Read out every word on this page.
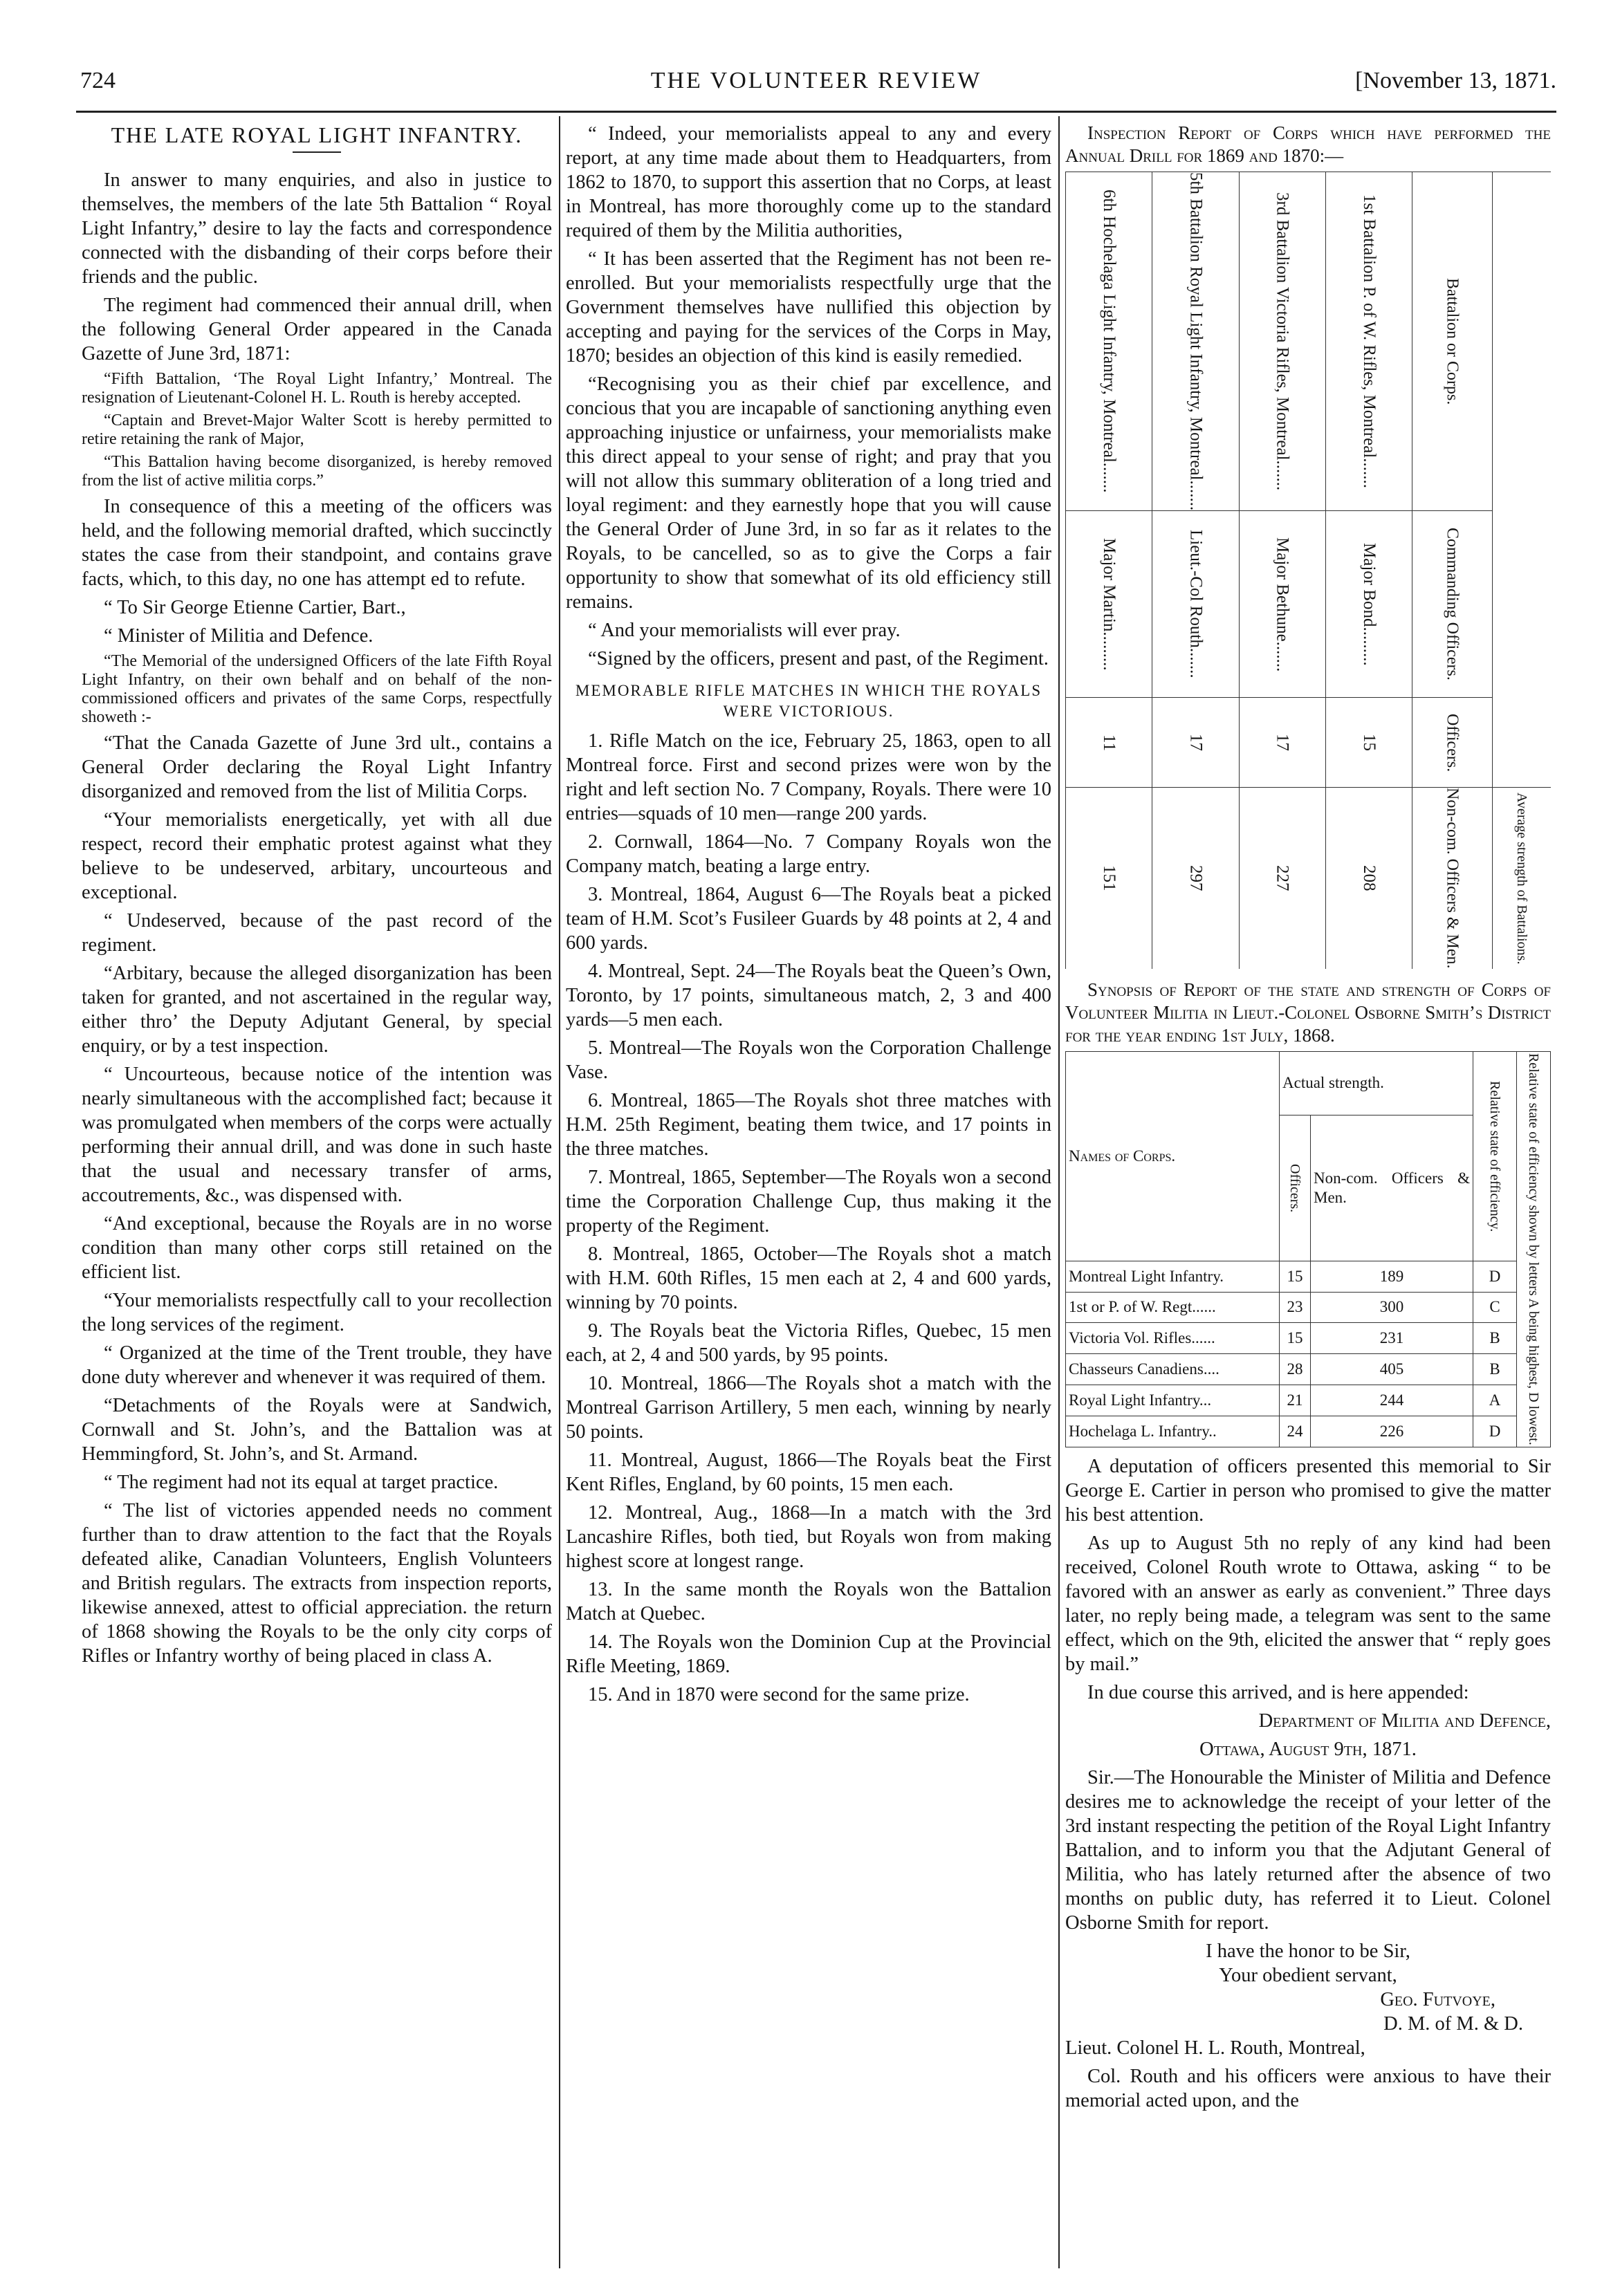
724	THE VOLUNTEER REVIEW	[November 13, 1871.
THE LATE ROYAL LIGHT INFANTRY.

In answer to many enquiries, and also in justice to themselves, the members of the late 5th Battalion “ Royal Light Infantry,” desire to lay the facts and correspondence connected with the disbanding of their corps before their friends and the public.

The regiment had commenced their annual drill, when the following General Order appeared in the Canada Gazette of June 3rd, 1871:

“Fifth Battalion, ‘The Royal Light Infantry,’ Montreal. The resignation of Lieutenant-Colonel H. L. Routh is hereby accepted.

“Captain and Brevet-Major Walter Scott is hereby permitted to retire retaining the rank of Major,

“This Battalion having become disorganized, is hereby removed from the list of active militia corps.”

In consequence of this a meeting of the officers was held, and the following memorial drafted, which succinctly states the case from their standpoint, and contains grave facts, which, to this day, no one has attempt ed to refute.

“ To Sir George Etienne Cartier, Bart.,

“ Minister of Militia and Defence.

“The Memorial of the undersigned Officers of the late Fifth Royal Light Infantry, on their own behalf and on behalf of the non-commissioned officers and privates of the same Corps, respectfully showeth :-

“That the Canada Gazette of June 3rd ult., contains a General Order declaring the Royal Light Infantry disorganized and removed from the list of Militia Corps.

“Your memorialists energetically, yet with all due respect, record their emphatic protest against what they believe to be undeserved, arbitary, uncourteous and exceptional.

“ Undeserved, because of the past record of the regiment.

“Arbitary, because the alleged disorganization has been taken for granted, and not ascertained in the regular way, either thro’ the Deputy Adjutant General, by special enquiry, or by a test inspection.

“ Uncourteous, because notice of the intention was nearly simultaneous with the accomplished fact; because it was promulgated when members of the corps were actually performing their annual drill, and was done in such haste that the usual and necessary transfer of arms, accoutrements, &c., was dispensed with.

“And exceptional, because the Royals are in no worse condition than many other corps still retained on the efficient list.

“Your memorialists respectfully call to your recollection the long services of the regiment.

“ Organized at the time of the Trent trouble, they have done duty wherever and whenever it was required of them.

“Detachments of the Royals were at Sandwich, Cornwall and St. John’s, and the Battalion was at Hemmingford, St. John’s, and St. Armand.

“ The regiment had not its equal at target practice.

“ The list of victories appended needs no comment further than to draw attention to the fact that the Royals defeated alike, Canadian Volunteers, English Volunteers and British regulars. The extracts from inspection reports, likewise annexed, attest to official appreciation. the return of 1868 showing the Royals to be the only city corps of Rifles or Infantry worthy of being placed in class A.

“ Indeed, your memorialists appeal to any and every report, at any time made about them to Headquarters, from 1862 to 1870, to support this assertion that no Corps, at least in Montreal, has more thoroughly come up to the standard required of them by the Militia authorities,

“ It has been asserted that the Regiment has not been re-enrolled. But your memorialists respectfully urge that the Government themselves have nullified this objection by accepting and paying for the services of the Corps in May, 1870; besides an objection of this kind is easily remedied.

“Recognising you as their chief par excellence, and concious that you are incapable of sanctioning anything even approaching injustice or unfairness, your memorialists make this direct appeal to your sense of right; and pray that you will not allow this summary obliteration of a long tried and loyal regiment: and they earnestly hope that you will cause the General Order of June 3rd, in so far as it relates to the Royals, to be cancelled, so as to give the Corps a fair opportunity to show that somewhat of its old efficiency still remains.

“ And your memorialists will ever pray.

“Signed by the officers, present and past, of the Regiment.

MEMORABLE RIFLE MATCHES IN WHICH THE ROYALS WERE VICTORIOUS.

1. Rifle Match on the ice, February 25, 1863, open to all Montreal force. First and second prizes were won by the right and left section No. 7 Company, Royals. There were 10 entries—squads of 10 men—range 200 yards.

2. Cornwall, 1864—No. 7 Company Royals won the Company match, beating a large entry.

3. Montreal, 1864, August 6—The Royals beat a picked team of H.M. Scot’s Fusileer Guards by 48 points at 2, 4 and 600 yards.

4. Montreal, Sept. 24—The Royals beat the Queen’s Own, Toronto, by 17 points, simultaneous match, 2, 3 and 400 yards—5 men each.

5. Montreal—The Royals won the Corporation Challenge Vase.

6. Montreal, 1865—The Royals shot three matches with H.M. 25th Regiment, beating them twice, and 17 points in the three matches.

7. Montreal, 1865, September—The Royals won a second time the Corporation Challenge Cup, thus making it the property of the Regiment.

8. Montreal, 1865, October—The Royals shot a match with H.M. 60th Rifles, 15 men each at 2, 4 and 600 yards, winning by 70 points.

9. The Royals beat the Victoria Rifles, Quebec, 15 men each, at 2, 4 and 500 yards, by 95 points.

10. Montreal, 1866—The Royals shot a match with the Montreal Garrison Artillery, 5 men each, winning by nearly 50 points.

11. Montreal, August, 1866—The Royals beat the First Kent Rifles, England, by 60 points, 15 men each.

12. Montreal, Aug., 1868—In a match with the 3rd Lancashire Rifles, both tied, but Royals won from making highest score at longest range.

13. In the same month the Royals won the Battalion Match at Quebec.

14. The Royals won the Dominion Cup at the Provincial Rifle Meeting, 1869.

15. And in 1870 were second for the same prize.

Inspection Report of Corps which have performed the Annual Drill for 1869 and 1870:—

6th Hochelaga Light Infantry, Montreal.......	5th Battalion Royal Light Infantry, Montreal.......	3rd Battalion Victoria Rifles, Montreal.......	1st Battalion P. of W. Rifles, Montreal.......	Battalion or Corps.	

Major Martin.........	Lieut.-Col Routh.......	Major Bethune.......	Major Bond.........	Commanding Officers.	

11	17	17	15	Officers.	

151	297	227	208	Non-com. Officers & Men.	Average strength of Battalions.

Synopsis of Report of the state and strength of Corps of Volunteer Militia in Lieut.-Colonel Osborne Smith’s District for the year ending 1st July, 1868.

Names of Corps.	Actual strength.		Relative state of efficiency.	Relative state of efficiency shown by letters A being highest, D lowest.

	Officers.	Non-com. Officers & Men.		
Montreal Light Infantry.	15	189	D	
1st or P. of W. Regt......	23	300	C	
Victoria Vol. Rifles......	15	231	B	
Chasseurs Canadiens....	28	405	B	
Royal Light Infantry...	21	244	A	
Hochelaga L. Infantry..	24	226	D	

A deputation of officers presented this memorial to Sir George E. Cartier in person who promised to give the matter his best attention.

As up to August 5th no reply of any kind had been received, Colonel Routh wrote to Ottawa, asking “ to be favored with an answer as early as convenient.” Three days later, no reply being made, a telegram was sent to the same effect, which on the 9th, elicited the answer that “ reply goes by mail.”

In due course this arrived, and is here appended:

Department of Militia and Defence,

Ottawa, August 9th, 1871.

Sir.—The Honourable the Minister of Militia and Defence desires me to acknowledge the receipt of your letter of the 3rd instant respecting the petition of the Royal Light Infantry Battalion, and to inform you that the Adjutant General of Militia, who has lately returned after the absence of two months on public duty, has referred it to Lieut. Colonel Osborne Smith for report.

I have the honor to be Sir,

Your obedient servant,

Geo. Futvoye,

D. M. of M. & D.

Lieut. Colonel H. L. Routh, Montreal,

Col. Routh and his officers were anxious to have their memorial acted upon, and the
